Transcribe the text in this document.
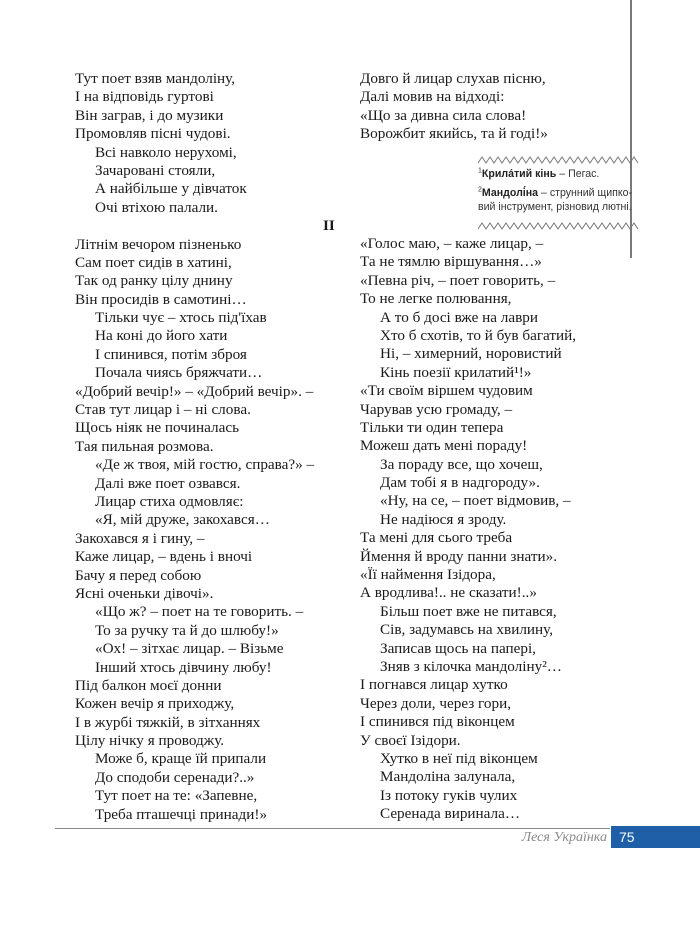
Тут поет взяв мандоліну,
І на відповідь гуртові
Він заграв, і до музики
Промовляв пісні чудові.
Всі навколо нерухомі,
Зачаровані стояли,
А найбільше у дівчаток
Очі втіхою палали.
Літнім вечором пізненько
Сам поет сидів в хатині,
Так од ранку цілу днину
Він просидів в самотині…
Тільки чує – хтось під'їхав
На коні до його хати
І спинився, потім зброя
Почала чиясь бряжчати…
«Добрий вечір!» – «Добрий вечір». –
Став тут лицар і – ні слова.
Щось ніяк не починалась
Тая пильная розмова.
«Де ж твоя, мій гостю, справа?» –
Далі вже поет озвався.
Лицар стиха одмовляє:
«Я, мій друже, закохався…
Закохався я і гину, –
Каже лицар, – вдень і вночі
Бачу я перед собою
Ясні оченьки дівочі».
«Що ж? – поет на те говорить. –
То за ручку та й до шлюбу!»
«Ох! – зітхає лицар. – Візьме
Інший хтось дівчину любу!
Під балкон моєї донни
Кожен вечір я приходжу,
І в журбі тяжкій, в зітханнях
Цілу нічку я проводжу.
Може б, краще їй припали
До сподоби серенади?..»
Тут поет на те: «Запевне,
Треба пташечці принади!»
II
Довго й лицар слухав пісню,
Далі мовив на відході:
«Що за дивна сила слова!
Ворожбит якийсь, та й годі!»
$^1$Крила́тий кінь – Пегас.
$^2$Мандолі́на – струнний щипковий інструмент, різновид лютні.
«Голос маю, – каже лицар, –
Та не тямлю віршування…»
«Певна річ, – поет говорить, –
То не легке полювання,
А то б досі вже на лаври
Хто б схотів, то й був багатий,
Ні, – химерний, норовистий
Кінь поезії крилатий¹!»
«Ти своїм віршем чудовим
Чарував усю громаду, –
Тільки ти один тепера
Можеш дать мені пораду!
За пораду все, що хочеш,
Дам тобі я в надгороду».
«Ну, на се, – поет відмовив, –
Не надіюся я зроду.
Та мені для сього треба
Ймення й вроду панни знати».
«Її наймення Ізідора,
А вродлива!.. не сказати!..»
Більш поет вже не питався,
Сів, задумавсь на хвилину,
Записав щось на папері,
Зняв з кілочка мандоліну²…
І погнався лицар хутко
Через доли, через гори,
І спинився під віконцем
У своєї Ізідори.
Хутко в неї під віконцем
Мандоліна залунала,
Із потоку гуків чулих
Серенада виринала…
Леся Українка 75
